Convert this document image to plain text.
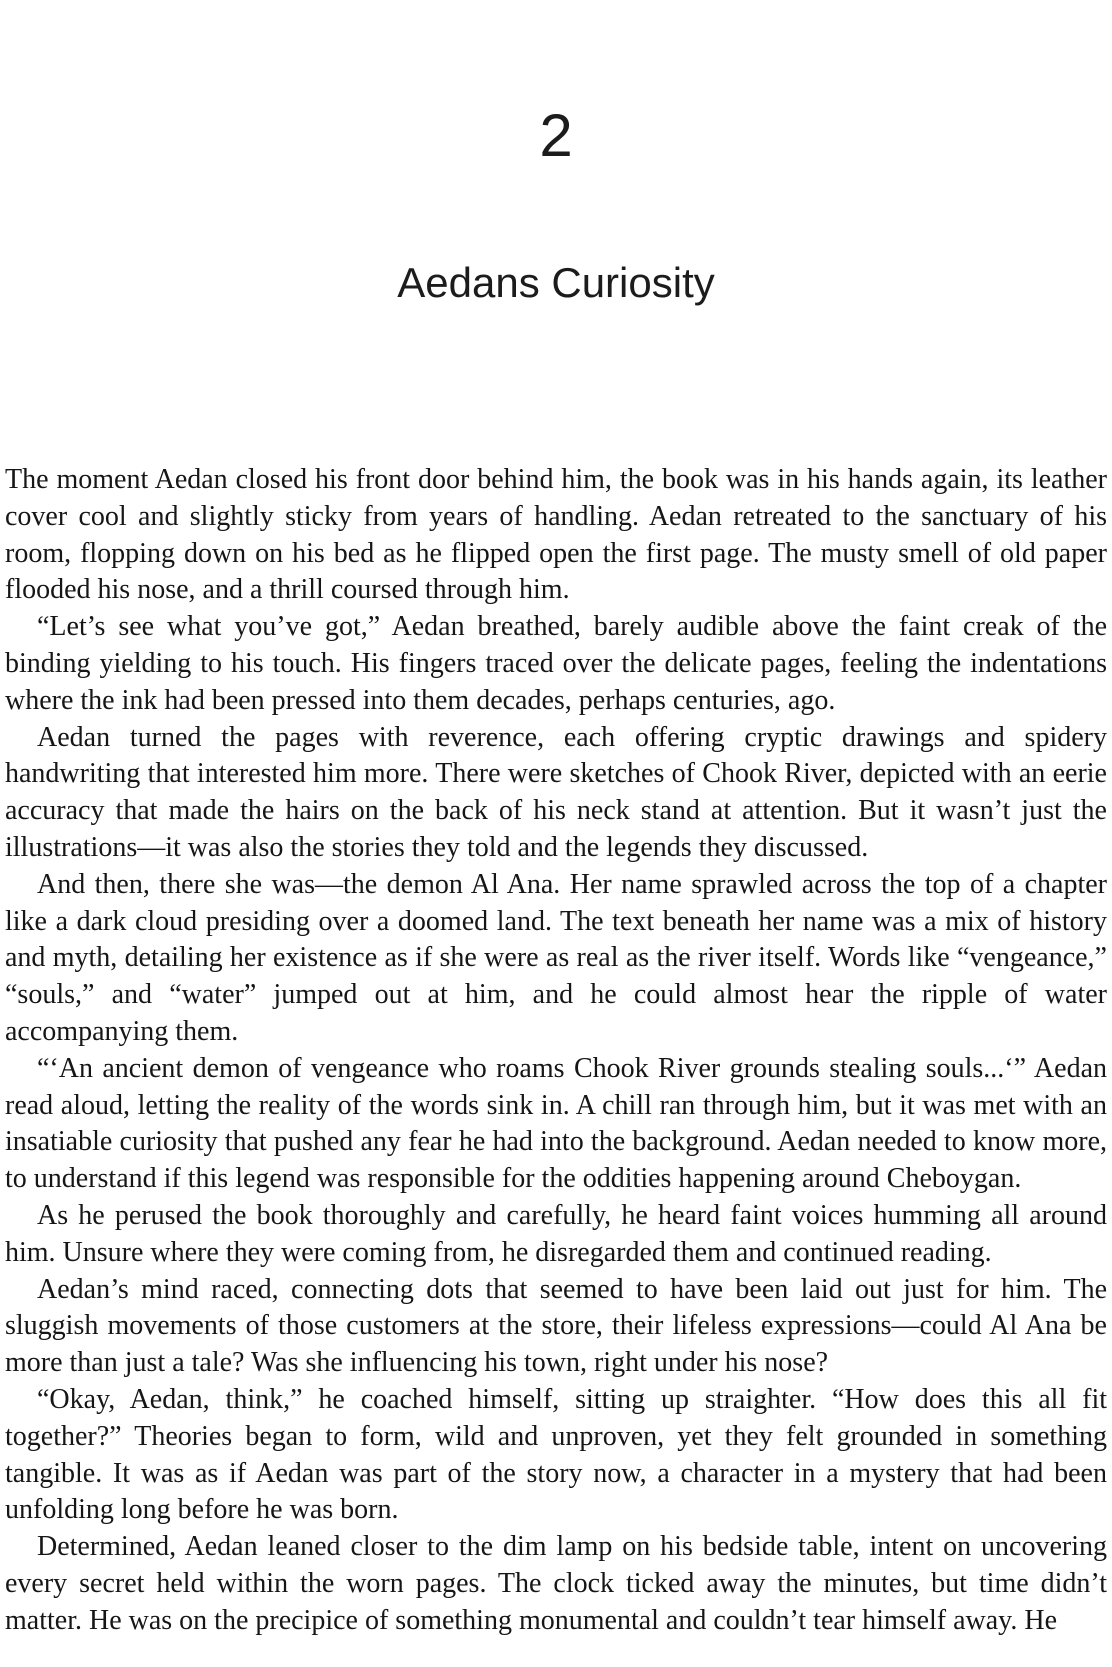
2
Aedans Curiosity

The moment Aedan closed his front door behind him, the book was in his hands again, its leather cover cool and slightly sticky from years of handling. Aedan retreated to the sanctuary of his room, flopping down on his bed as he flipped open the first page. The musty smell of old paper flooded his nose, and a thrill coursed through him.

“Let’s see what you’ve got,” Aedan breathed, barely audible above the faint creak of the binding yielding to his touch. His fingers traced over the delicate pages, feeling the indentations where the ink had been pressed into them decades, perhaps centuries, ago.

Aedan turned the pages with reverence, each offering cryptic drawings and spidery handwriting that interested him more. There were sketches of Chook River, depicted with an eerie accuracy that made the hairs on the back of his neck stand at attention. But it wasn’t just the illustrations—it was also the stories they told and the legends they discussed.

And then, there she was—the demon Al Ana. Her name sprawled across the top of a chapter like a dark cloud presiding over a doomed land. The text beneath her name was a mix of history and myth, detailing her existence as if she were as real as the river itself. Words like “vengeance,” “souls,” and “water” jumped out at him, and he could almost hear the ripple of water accompanying them.

“‘An ancient demon of vengeance who roams Chook River grounds stealing souls...‘” Aedan read aloud, letting the reality of the words sink in. A chill ran through him, but it was met with an insatiable curiosity that pushed any fear he had into the background. Aedan needed to know more, to understand if this legend was responsible for the oddities happening around Cheboygan.

As he perused the book thoroughly and carefully, he heard faint voices humming all around him. Unsure where they were coming from, he disregarded them and continued reading.

Aedan’s mind raced, connecting dots that seemed to have been laid out just for him. The sluggish movements of those customers at the store, their lifeless expressions—could Al Ana be more than just a tale? Was she influencing his town, right under his nose?

“Okay, Aedan, think,” he coached himself, sitting up straighter. “How does this all fit together?” Theories began to form, wild and unproven, yet they felt grounded in something tangible. It was as if Aedan was part of the story now, a character in a mystery that had been unfolding long before he was born.

Determined, Aedan leaned closer to the dim lamp on his bedside table, intent on uncovering every secret held within the worn pages. The clock ticked away the minutes, but time didn’t matter. He was on the precipice of something monumental and couldn’t tear himself away. He
